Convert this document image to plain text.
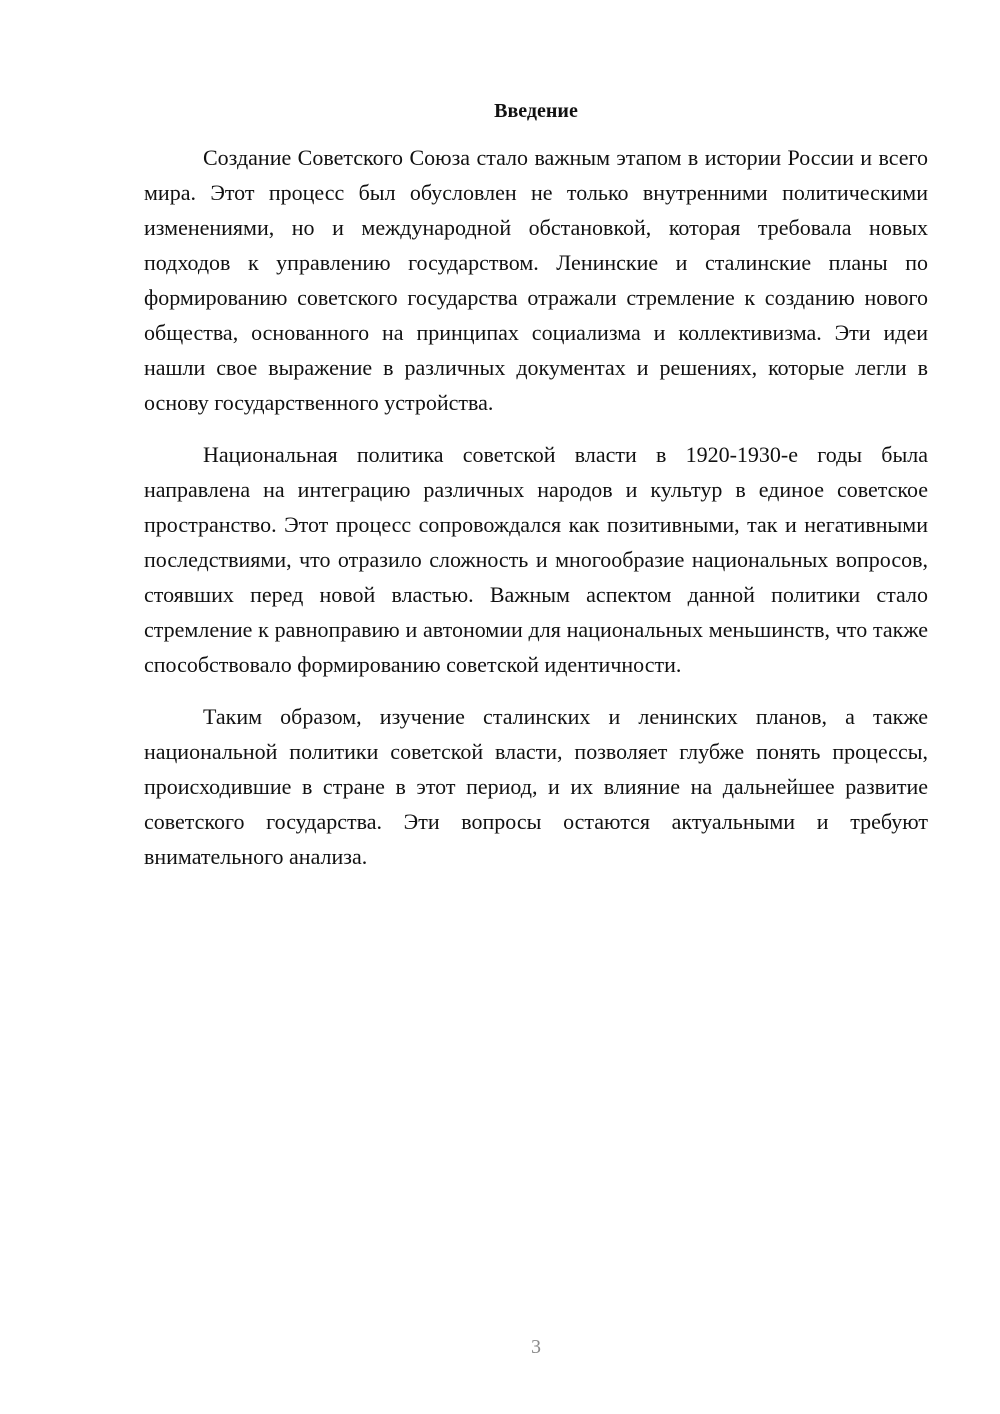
Введение

Создание Советского Союза стало важным этапом в истории России и всего мира. Этот процесс был обусловлен не только внутренними политическими изменениями, но и международной обстановкой, которая требовала новых подходов к управлению государством. Ленинские и сталинские планы по формированию советского государства отражали стремление к созданию нового общества, основанного на принципах социализма и коллективизма. Эти идеи нашли свое выражение в различных документах и решениях, которые легли в основу государственного устройства.

Национальная политика советской власти в 1920-1930-е годы была направлена на интеграцию различных народов и культур в единое советское пространство. Этот процесс сопровождался как позитивными, так и негативными последствиями, что отразило сложность и многообразие национальных вопросов, стоявших перед новой властью. Важным аспектом данной политики стало стремление к равноправию и автономии для национальных меньшинств, что также способствовало формированию советской идентичности.

Таким образом, изучение сталинских и ленинских планов, а также национальной политики советской власти, позволяет глубже понять процессы, происходившие в стране в этот период, и их влияние на дальнейшее развитие советского государства. Эти вопросы остаются актуальными и требуют внимательного анализа.

3
